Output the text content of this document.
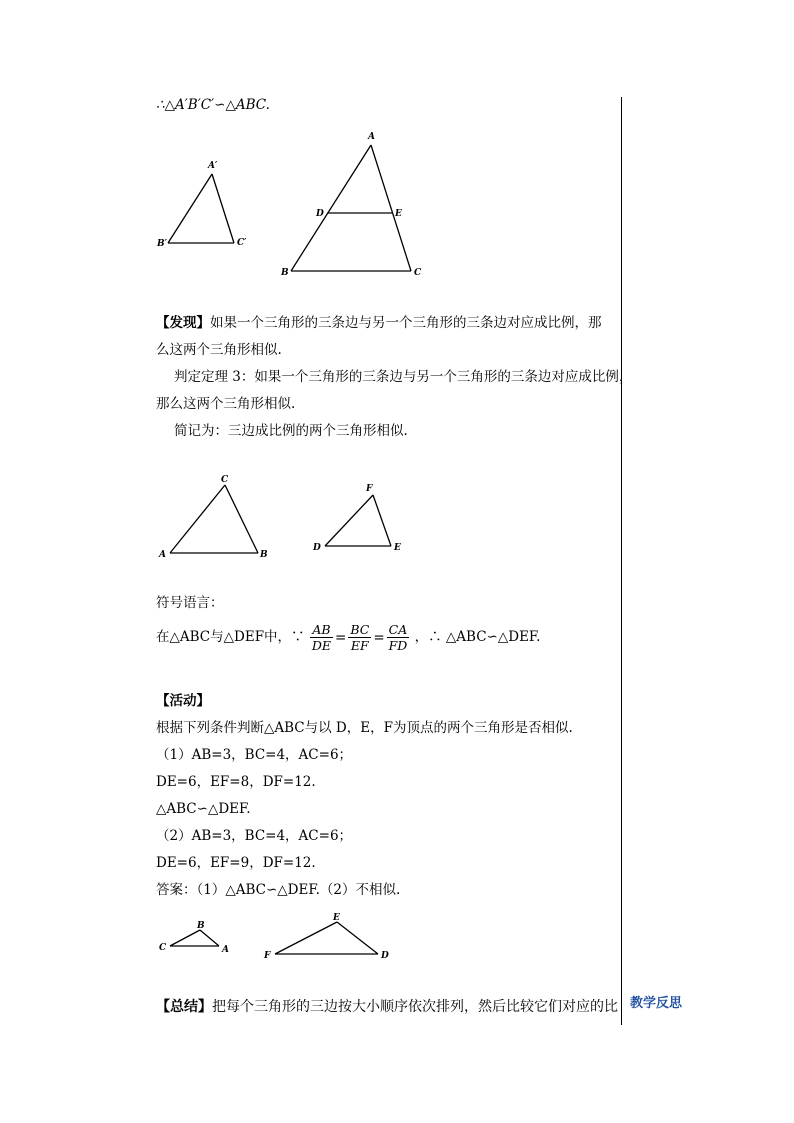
教学反思
∴△A′B′C′∽△ABC.
A′
B′	C′
A
D	E
B	C
【发现】如果一个三角形的三条边与另一个三角形的三条边对应成比例，那
么这两个三角形相似.
判定定理 3：如果一个三角形的三条边与另一个三角形的三条边对应成比例，
那么这两个三角形相似.
简记为：三边成比例的两个三角形相似.
C
A	B
F
D	E
符号语言：
在△ABC与△DEF中，∵ $\frac{AB}{DE} = \frac{BC}{EF} = \frac{CA}{FD}$ ，∴ △ABC∽△DEF.
【活动】
根据下列条件判断△ABC与以 D，E，F为顶点的两个三角形是否相似.
（1）AB=3，BC=4，AC=6；
DE=6，EF=8，DF=12.
△ABC∽△DEF.
（2）AB=3，BC=4，AC=6；
DE=6，EF=9，DF=12.
答案：（1）△ABC∽△DEF.（2）不相似.
B
C	A
E
F	D
【总结】把每个三角形的三边按大小顺序依次排列，然后比较它们对应的比
